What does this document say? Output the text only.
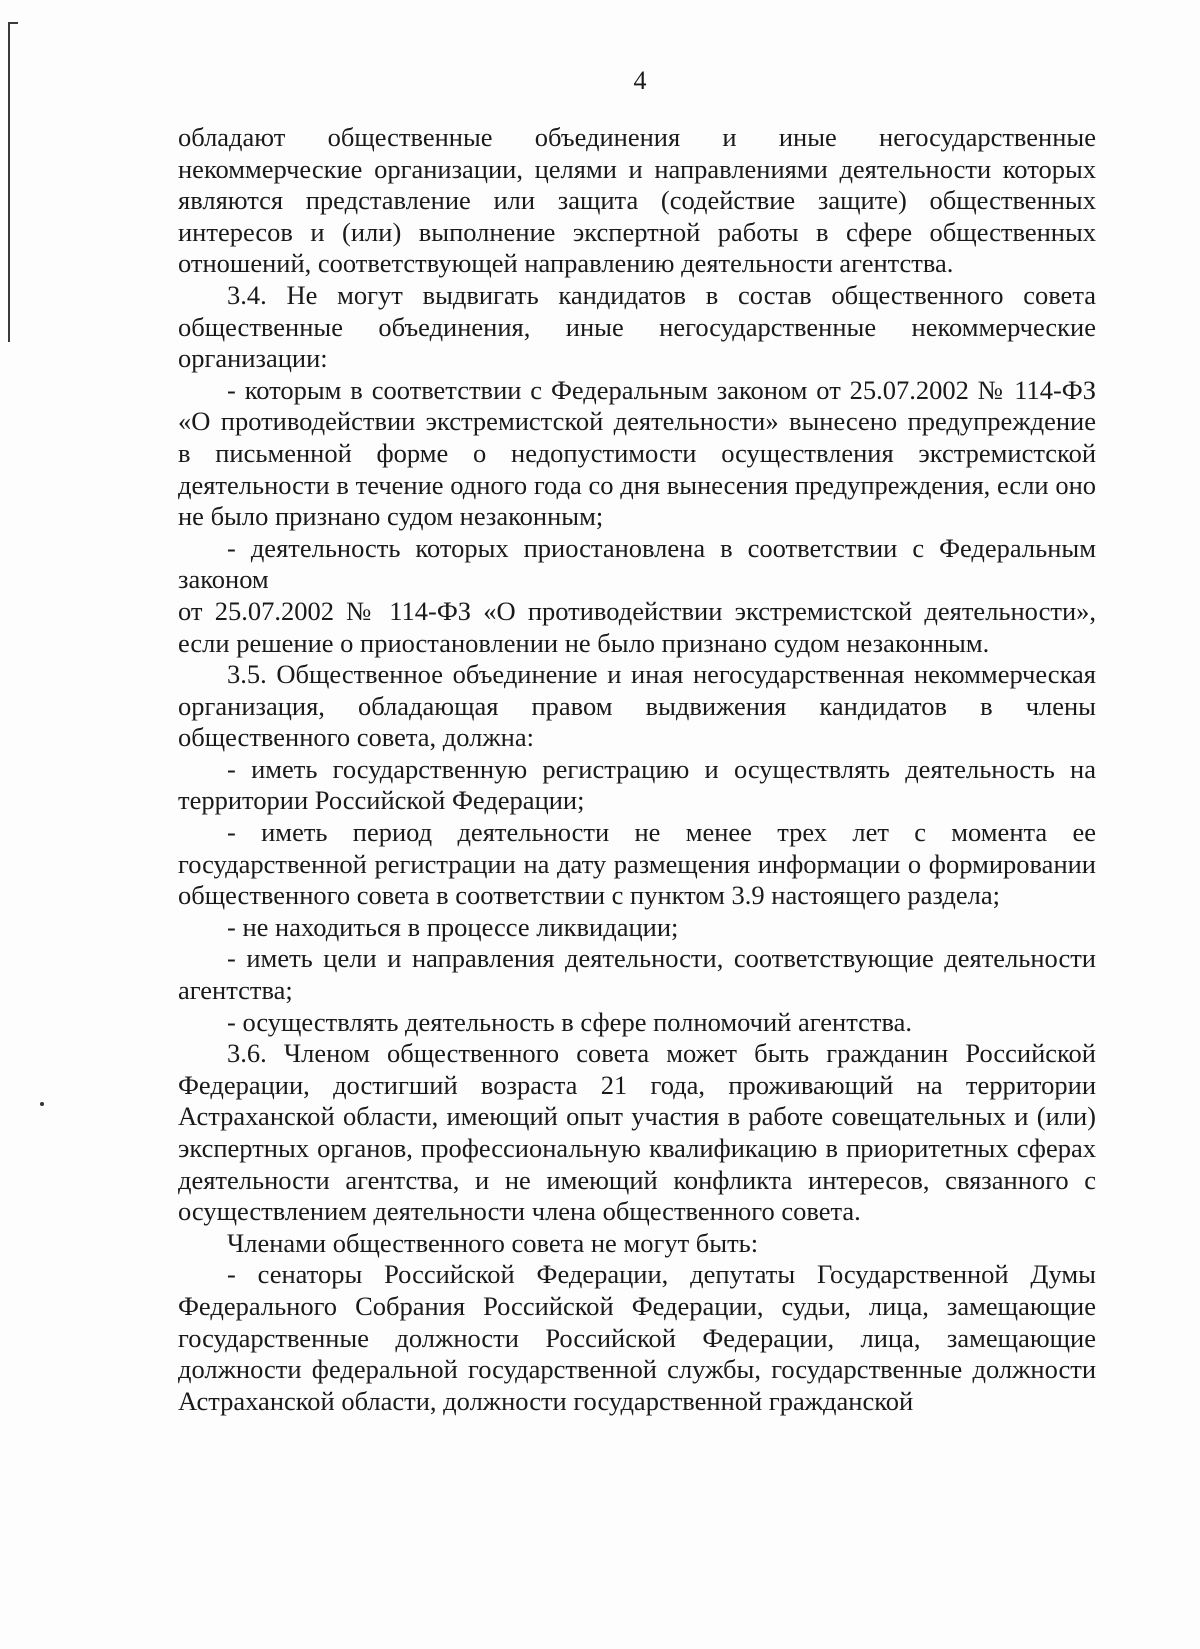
4

обладают общественные объединения и иные негосударственные некоммерческие организации, целями и направлениями деятельности которых являются представление или защита (содействие защите) общественных интересов и (или) выполнение экспертной работы в сфере общественных отношений, соответствующей направлению деятельности агентства.

3.4. Не могут выдвигать кандидатов в состав общественного совета общественные объединения, иные негосударственные некоммерческие организации:

- которым в соответствии с Федеральным законом от 25.07.2002 № 114-ФЗ «О противодействии экстремистской деятельности» вынесено предупреждение в письменной форме о недопустимости осуществления экстремистской деятельности в течение одного года со дня вынесения предупреждения, если оно не было признано судом незаконным;

- деятельность которых приостановлена в соответствии с Федеральным законом

от 25.07.2002 № 114-ФЗ «О противодействии экстремистской деятельности», если решение о приостановлении не было признано судом незаконным.

3.5. Общественное объединение и иная негосударственная некоммерческая организация, обладающая правом выдвижения кандидатов в члены общественного совета, должна:

- иметь государственную регистрацию и осуществлять деятельность на территории Российской Федерации;

- иметь период деятельности не менее трех лет с момента ее государственной регистрации на дату размещения информации о формировании общественного совета в соответствии с пунктом 3.9 настоящего раздела;

- не находиться в процессе ликвидации;

- иметь цели и направления деятельности, соответствующие деятельности агентства;

- осуществлять деятельность в сфере полномочий агентства.

3.6. Членом общественного совета может быть гражданин Российской Федерации, достигший возраста 21 года, проживающий на территории Астраханской области, имеющий опыт участия в работе совещательных и (или) экспертных органов, профессиональную квалификацию в приоритетных сферах деятельности агентства, и не имеющий конфликта интересов, связанного с осуществлением деятельности члена общественного совета.

Членами общественного совета не могут быть:

- сенаторы Российской Федерации, депутаты Государственной Думы Федерального Собрания Российской Федерации, судьи, лица, замещающие государственные должности Российской Федерации, лица, замещающие должности федеральной государственной службы, государственные должности Астраханской области, должности государственной гражданской
